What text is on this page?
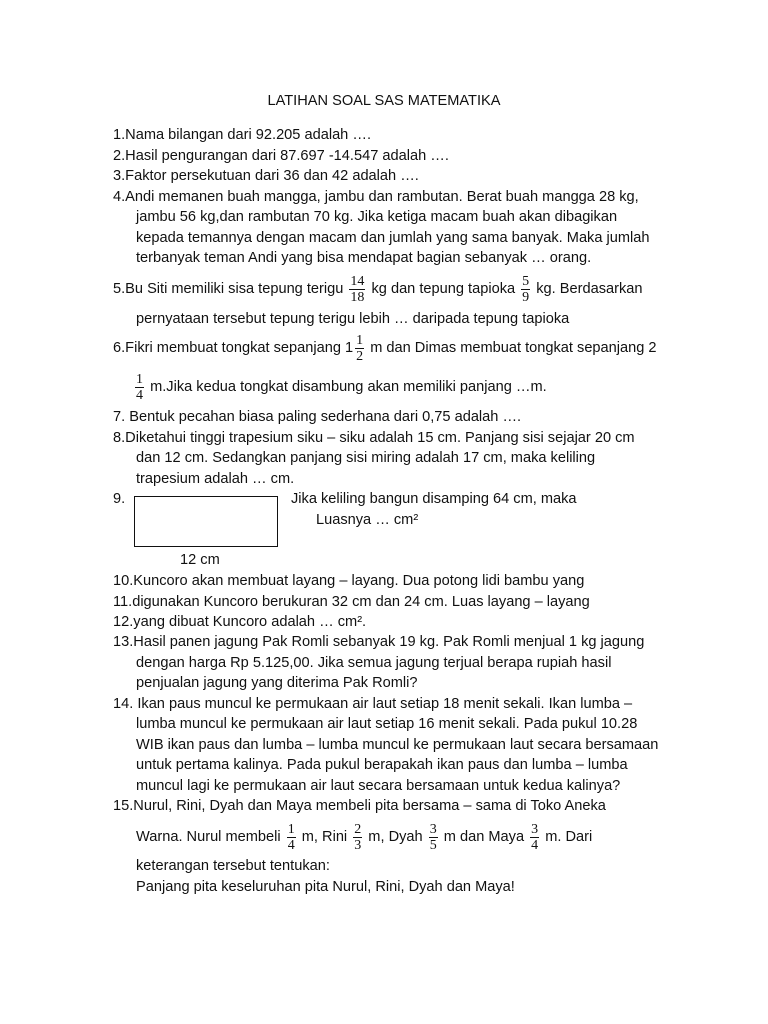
LATIHAN SOAL SAS MATEMATIKA
1.Nama bilangan dari 92.205 adalah ….
2.Hasil pengurangan dari 87.697 -14.547 adalah ….
3.Faktor persekutuan dari 36 dan 42 adalah ….
4.Andi memanen buah mangga, jambu dan rambutan. Berat buah mangga 28 kg,
jambu 56 kg,dan rambutan 70 kg. Jika ketiga macam buah akan dibagikan
kepada temannya dengan macam dan jumlah yang sama banyak. Maka jumlah
terbanyak teman Andi yang bisa mendapat bagian sebanyak … orang.
5.Bu Siti memiliki sisa tepung terigu $\frac{14}{18}$ kg dan tepung tapioka $\frac{5}{9}$ kg. Berdasarkan
pernyataan tersebut tepung terigu lebih … daripada tepung tapioka
6.Fikri membuat tongkat sepanjang $1 \frac{1}{2}$ m dan Dimas membuat tongkat sepanjang 2
$\frac{1}{4}$ m.Jika kedua tongkat disambung akan memiliki panjang …m.
7. Bentuk pecahan biasa paling sederhana dari 0,75 adalah ….
8.Diketahui tinggi trapesium siku – siku adalah 15 cm. Panjang sisi sejajar 20 cm
dan 12 cm. Sedangkan panjang sisi miring adalah 17 cm, maka keliling
trapesium adalah … cm.
9.	Jika keliling bangun disamping 64 cm, maka
Luasnya … cm²
12 cm
10.Kuncoro akan membuat layang – layang. Dua potong lidi bambu yang
11.digunakan Kuncoro berukuran 32 cm dan 24 cm. Luas layang – layang
12.yang dibuat Kuncoro adalah … cm².
13.Hasil panen jagung Pak Romli sebanyak 19 kg. Pak Romli menjual 1 kg jagung
dengan harga Rp 5.125,00. Jika semua jagung terjual berapa rupiah hasil
penjualan jagung yang diterima Pak Romli?
14. Ikan paus muncul ke permukaan air laut setiap 18 menit sekali. Ikan lumba –
lumba muncul ke permukaan air laut setiap 16 menit sekali. Pada pukul 10.28
WIB ikan paus dan lumba – lumba muncul ke permukaan laut secara bersamaan
untuk pertama kalinya. Pada pukul berapakah ikan paus dan lumba – lumba
muncul lagi ke permukaan air laut secara bersamaan untuk kedua kalinya?
15.Nurul, Rini, Dyah dan Maya membeli pita bersama – sama di Toko Aneka
Warna. Nurul membeli $\frac{1}{4} m$, Rini $\frac{2}{3} m$, Dyah $\frac{3}{5}$ m dan Maya $\frac{3}{4} m$. Dari
keterangan tersebut tentukan:
Panjang pita keseluruhan pita Nurul, Rini, Dyah dan Maya!
